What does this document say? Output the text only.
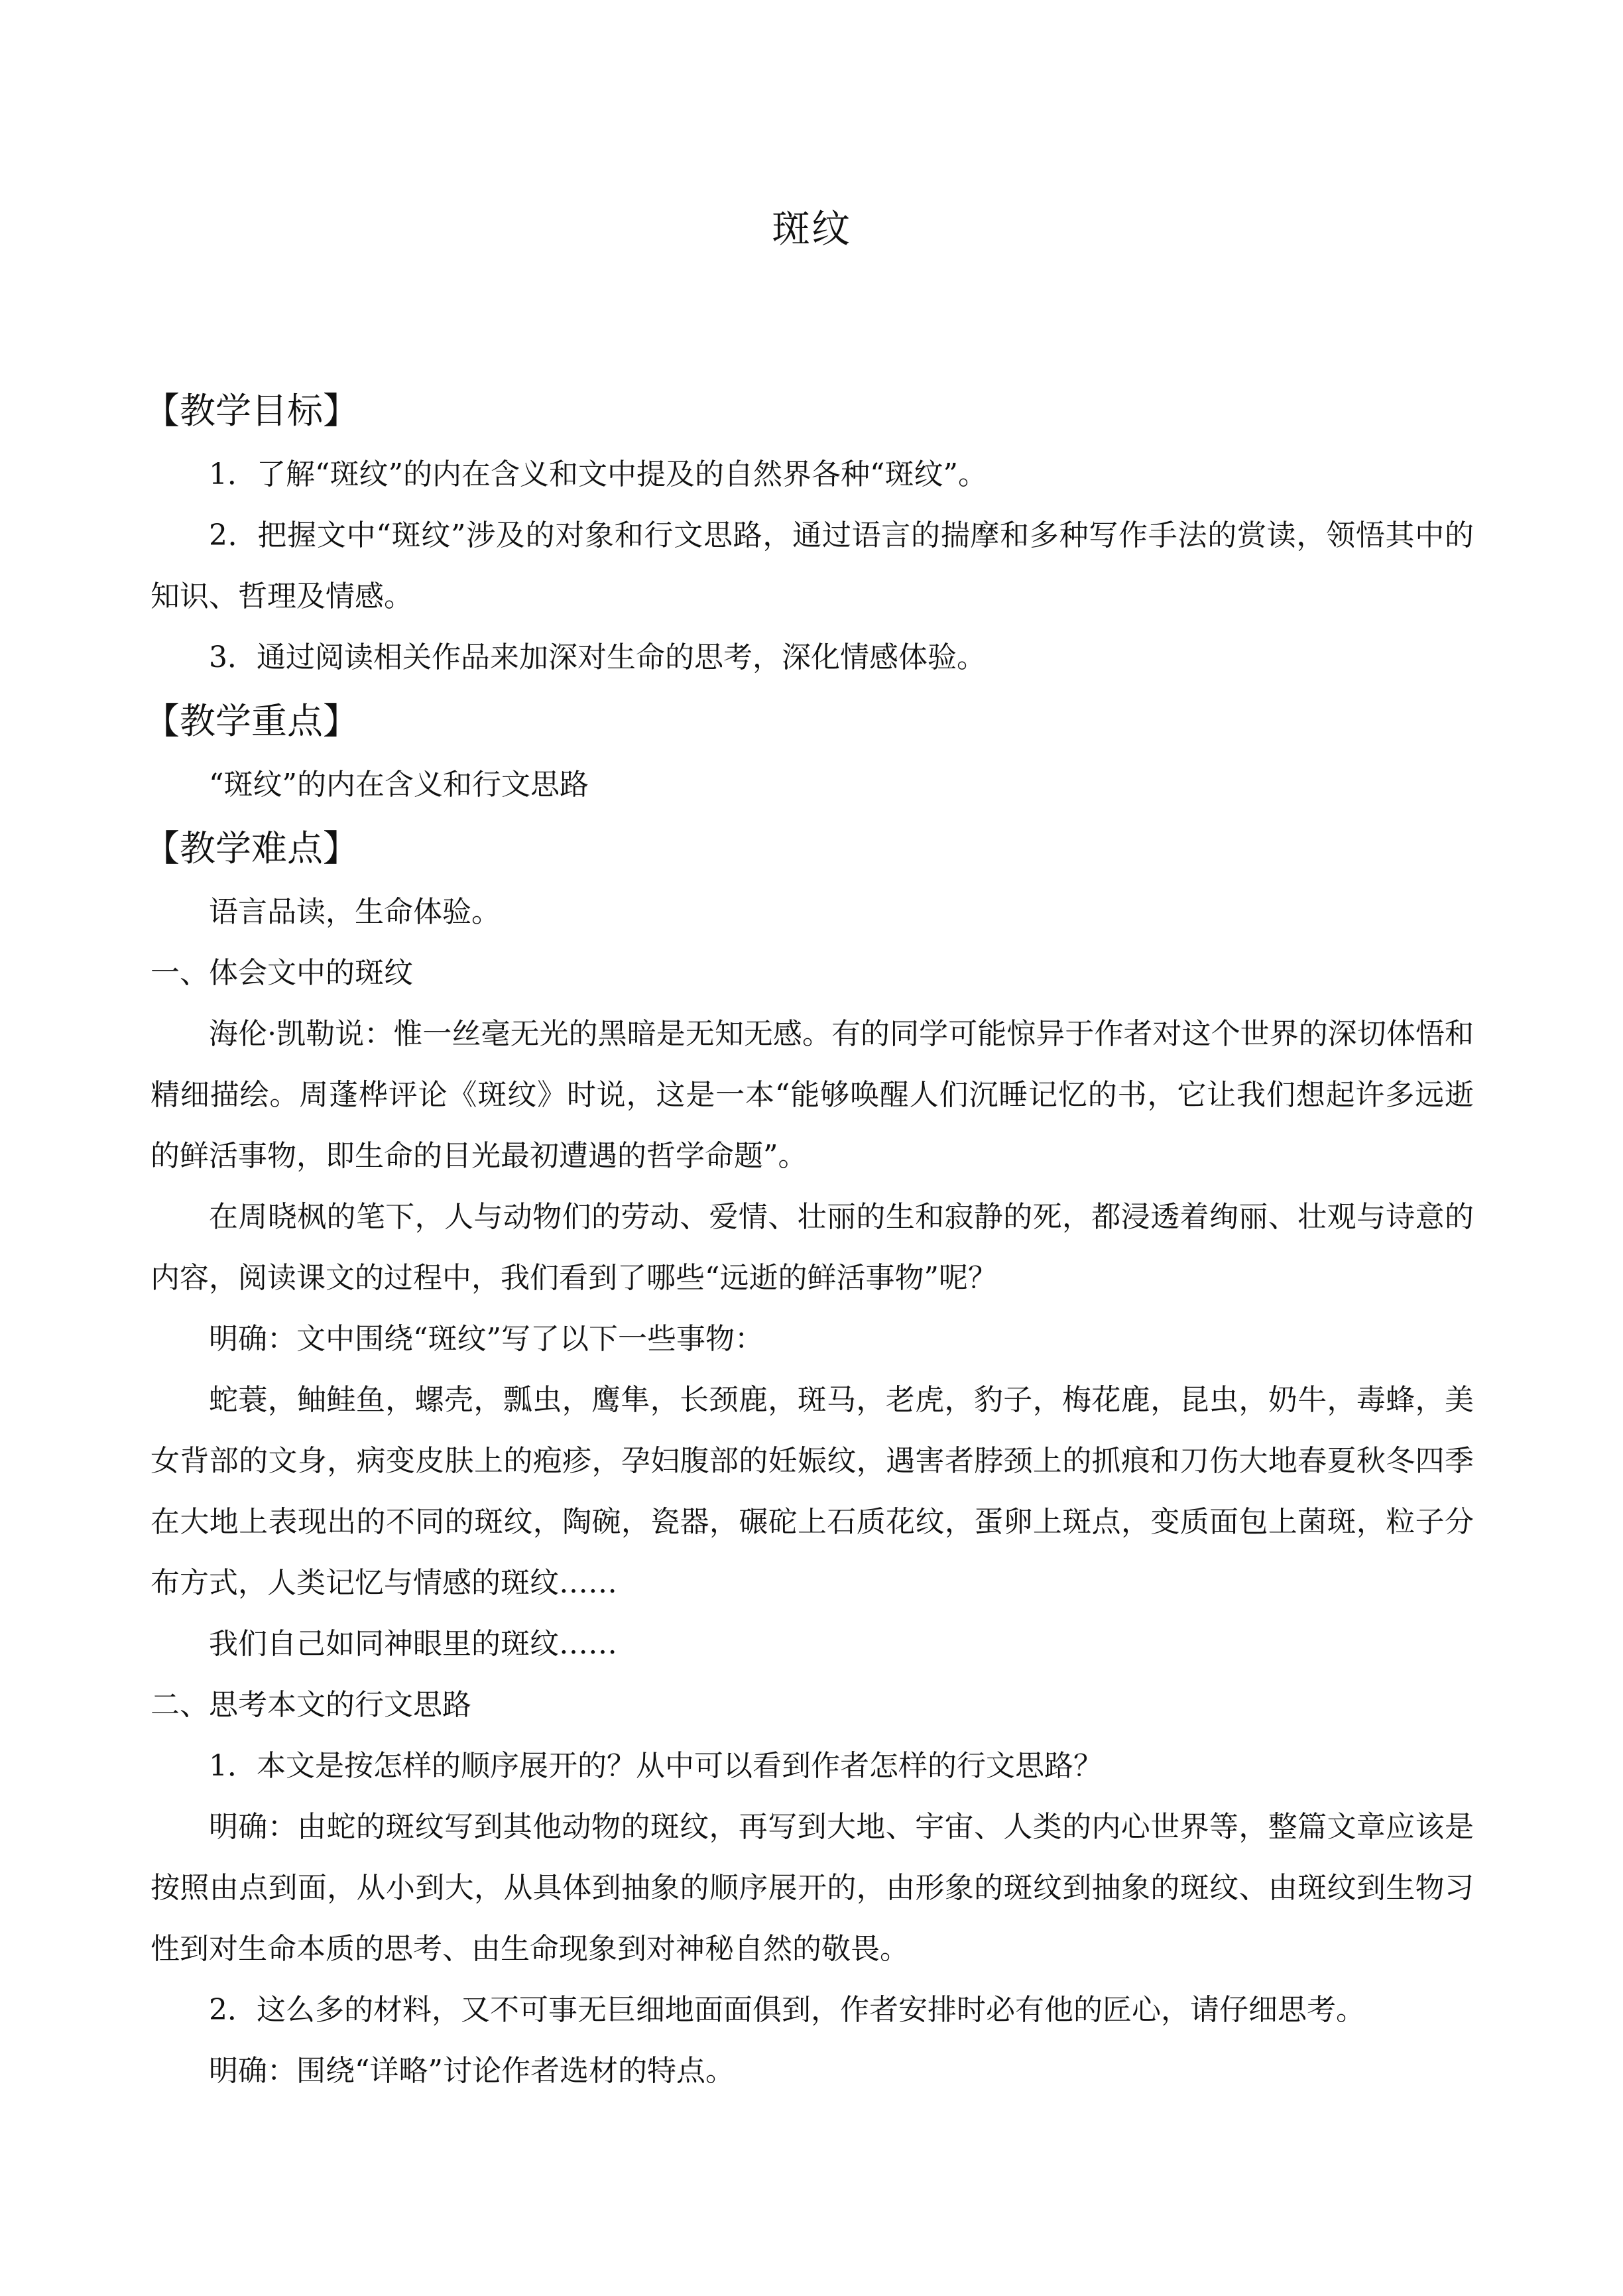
斑纹
【教学目标】

1．了解“斑纹”的内在含义和文中提及的自然界各种“斑纹”。

2．把握文中“斑纹”涉及的对象和行文思路，通过语言的揣摩和多种写作手法的赏读，领悟其中的知识、哲理及情感。

3．通过阅读相关作品来加深对生命的思考，深化情感体验。

【教学重点】

“斑纹”的内在含义和行文思路

【教学难点】

语言品读，生命体验。

一、体会文中的斑纹

海伦·凯勒说：惟一丝毫无光的黑暗是无知无感。有的同学可能惊异于作者对这个世界的深切体悟和精细描绘。周蓬桦评论《斑纹》时说，这是一本“能够唤醒人们沉睡记忆的书，它让我们想起许多远逝的鲜活事物，即生命的目光最初遭遇的哲学命题”。

在周晓枫的笔下，人与动物们的劳动、爱情、壮丽的生和寂静的死，都浸透着绚丽、壮观与诗意的内容，阅读课文的过程中，我们看到了哪些“远逝的鲜活事物”呢？

明确：文中围绕“斑纹”写了以下一些事物：

蛇蓑，鲉鲑鱼，螺壳，瓢虫，鹰隼，长颈鹿，斑马，老虎，豹子，梅花鹿，昆虫，奶牛，毒蜂，美女背部的文身，病变皮肤上的疱疹，孕妇腹部的妊娠纹，遇害者脖颈上的抓痕和刀伤大地春夏秋冬四季在大地上表现出的不同的斑纹，陶碗，瓷器，碾砣上石质花纹，蛋卵上斑点，变质面包上菌斑，粒子分布方式，人类记忆与情感的斑纹……

我们自己如同神眼里的斑纹……

二、思考本文的行文思路

1．本文是按怎样的顺序展开的？从中可以看到作者怎样的行文思路？

明确：由蛇的斑纹写到其他动物的斑纹，再写到大地、宇宙、人类的内心世界等，整篇文章应该是按照由点到面，从小到大，从具体到抽象的顺序展开的，由形象的斑纹到抽象的斑纹、由斑纹到生物习性到对生命本质的思考、由生命现象到对神秘自然的敬畏。

2．这么多的材料，又不可事无巨细地面面俱到，作者安排时必有他的匠心，请仔细思考。

明确：围绕“详略”讨论作者选材的特点。
